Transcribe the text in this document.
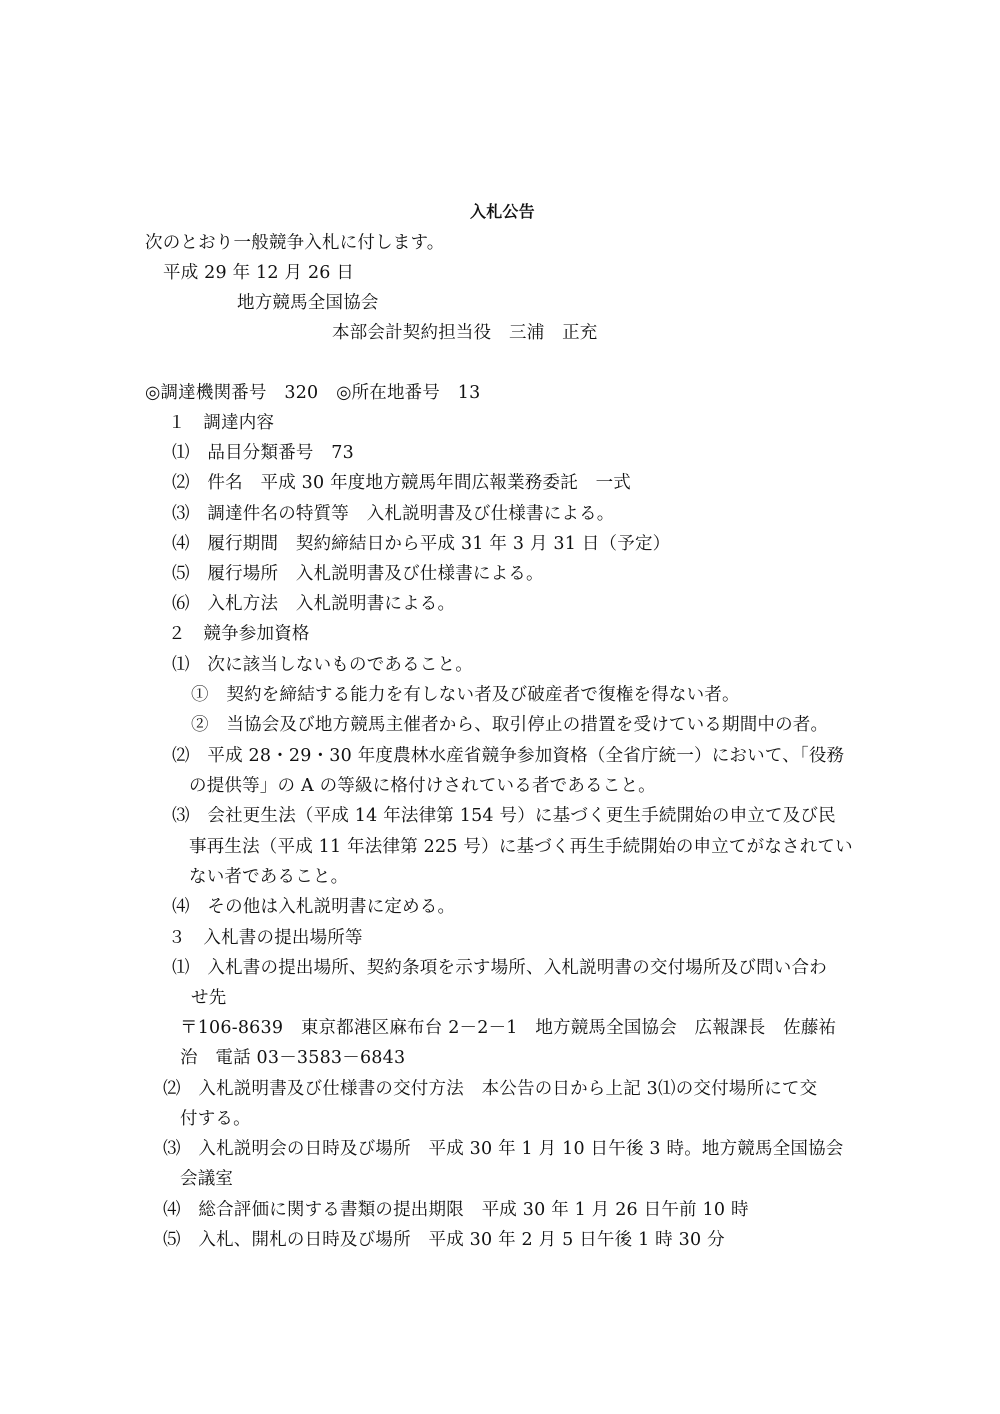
入札公告
次のとおり一般競争入札に付します。
平成 29 年 12 月 26 日
地方競馬全国協会
本部会計契約担当役　三浦　正充
◎調達機関番号　320　◎所在地番号　13
１　調達内容
⑴　品目分類番号　73
⑵　件名　平成 30 年度地方競馬年間広報業務委託　一式
⑶　調達件名の特質等　入札説明書及び仕様書による。
⑷　履行期間　契約締結日から平成 31 年 3 月 31 日（予定）
⑸　履行場所　入札説明書及び仕様書による。
⑹　入札方法　入札説明書による。
２　競争参加資格
⑴　次に該当しないものであること。
①　契約を締結する能力を有しない者及び破産者で復権を得ない者。
②　当協会及び地方競馬主催者から、取引停止の措置を受けている期間中の者。
⑵　平成 28・29・30 年度農林水産省競争参加資格（全省庁統一）において、「役務
の提供等」の A の等級に格付けされている者であること。
⑶　会社更生法（平成 14 年法律第 154 号）に基づく更生手続開始の申立て及び民
事再生法（平成 11 年法律第 225 号）に基づく再生手続開始の申立てがなされてい
ない者であること。
⑷　その他は入札説明書に定める。
３　入札書の提出場所等
⑴　入札書の提出場所、契約条項を示す場所、入札説明書の交付場所及び問い合わ
せ先
〒106-8639　東京都港区麻布台 2－2－1　地方競馬全国協会　広報課長　佐藤祐
治　電話 03－3583－6843
⑵　入札説明書及び仕様書の交付方法　本公告の日から上記 3⑴の交付場所にて交
付する。
⑶　入札説明会の日時及び場所　平成 30 年 1 月 10 日午後 3 時。地方競馬全国協会
会議室
⑷　総合評価に関する書類の提出期限　平成 30 年 1 月 26 日午前 10 時
⑸　入札、開札の日時及び場所　平成 30 年 2 月 5 日午後 1 時 30 分
